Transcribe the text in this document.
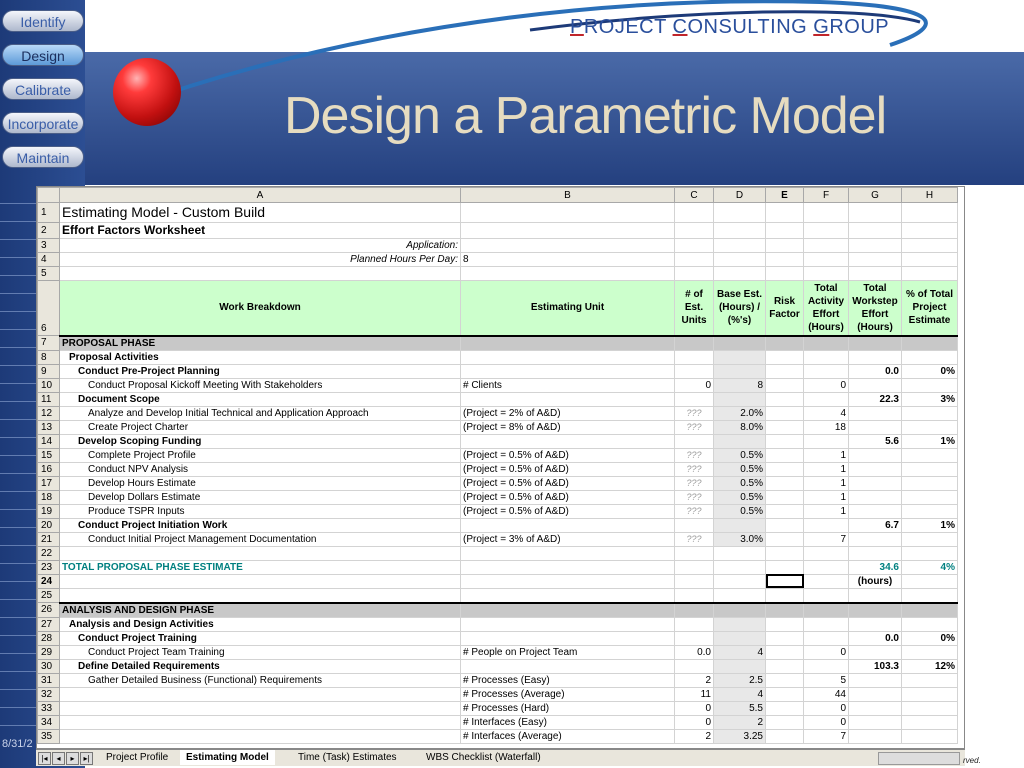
PROJECT CONSULTING GROUP
Design a Parametric Model
Identify
Design
Calibrate
Incorporate
Maintain
8/31/2
	A	B	C	D	E	F	G	H
1	Estimating Model - Custom Build							
2	Effort Factors Worksheet							
3	Application:							
4	Planned Hours Per Day:	8						
5								
6	Work Breakdown	Estimating Unit	# of Est. Units	Base Est. (Hours) / (%'s)	Risk Factor	Total Activity Effort (Hours)	Total Workstep Effort (Hours)	% of Total Project Estimate
7	PROPOSAL PHASE							
8	Proposal Activities							
9	Conduct Pre-Project Planning						0.0	0%
10	Conduct Proposal Kickoff Meeting With Stakeholders	# Clients	0	8		0		
11	Document Scope						22.3	3%
12	Analyze and Develop Initial Technical and Application Approach	(Project = 2% of A&D)	???	2.0%		4		
13	Create Project Charter	(Project = 8% of A&D)	???	8.0%		18		
14	Develop Scoping Funding						5.6	1%
15	Complete Project Profile	(Project = 0.5% of A&D)	???	0.5%		1		
16	Conduct NPV Analysis	(Project = 0.5% of A&D)	???	0.5%		1		
17	Develop Hours Estimate	(Project = 0.5% of A&D)	???	0.5%		1		
18	Develop Dollars Estimate	(Project = 0.5% of A&D)	???	0.5%		1		
19	Produce TSPR Inputs	(Project = 0.5% of A&D)	???	0.5%		1		
20	Conduct Project Initiation Work						6.7	1%
21	Conduct Initial Project Management Documentation	(Project = 3% of A&D)	???	3.0%		7		
22								
23	TOTAL PROPOSAL PHASE ESTIMATE						34.6	4%
24							(hours)	
25								
26	ANALYSIS AND DESIGN PHASE							
27	Analysis and Design Activities							
28	Conduct Project Training						0.0	0%
29	Conduct Project Team Training	# People on Project Team	0.0	4		0		
30	Define Detailed Requirements						103.3	12%
31	Gather Detailed Business (Functional) Requirements	# Processes (Easy)	2	2.5		5		
32		# Processes (Average)	11	4		44		
33		# Processes (Hard)	0	5.5		0		
34		# Interfaces (Easy)	0	2		0		
35		# Interfaces (Average)	2	3.25		7		
|◂	◂	▸	▸|	Project Profile	Estimating Model	Time (Task) Estimates	WBS Checklist (Waterfall)	rved.
